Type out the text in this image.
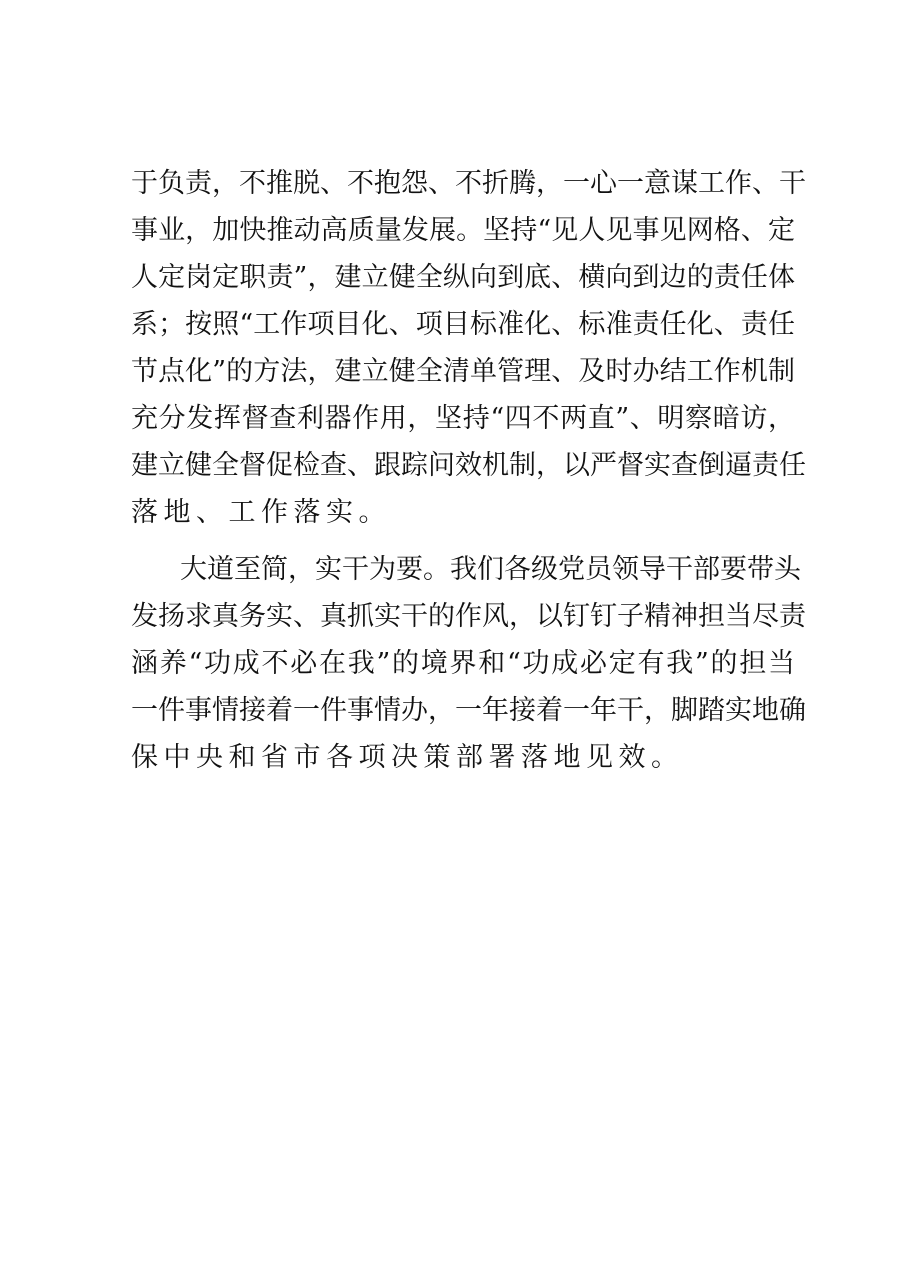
于负责，不推脱、不抱怨、不折腾，一心一意谋工作、干
事业，加快推动高质量发展。坚持“见人见事见网格、定
人定岗定职责”，建立健全纵向到底、横向到边的责任体
系；按照“工作项目化、项目标准化、标准责任化、责任
节点化”的方法，建立健全清单管理、及时办结工作机制
充分发挥督查利器作用，坚持“四不两直”、明察暗访，
建立健全督促检查、跟踪问效机制，以严督实查倒逼责任
落地、工作落实。
大道至简，实干为要。我们各级党员领导干部要带头
发扬求真务实、真抓实干的作风，以钉钉子精神担当尽责
涵养“功成不必在我”的境界和“功成必定有我”的担当
一件事情接着一件事情办，一年接着一年干，脚踏实地确
保中央和省市各项决策部署落地见效。
